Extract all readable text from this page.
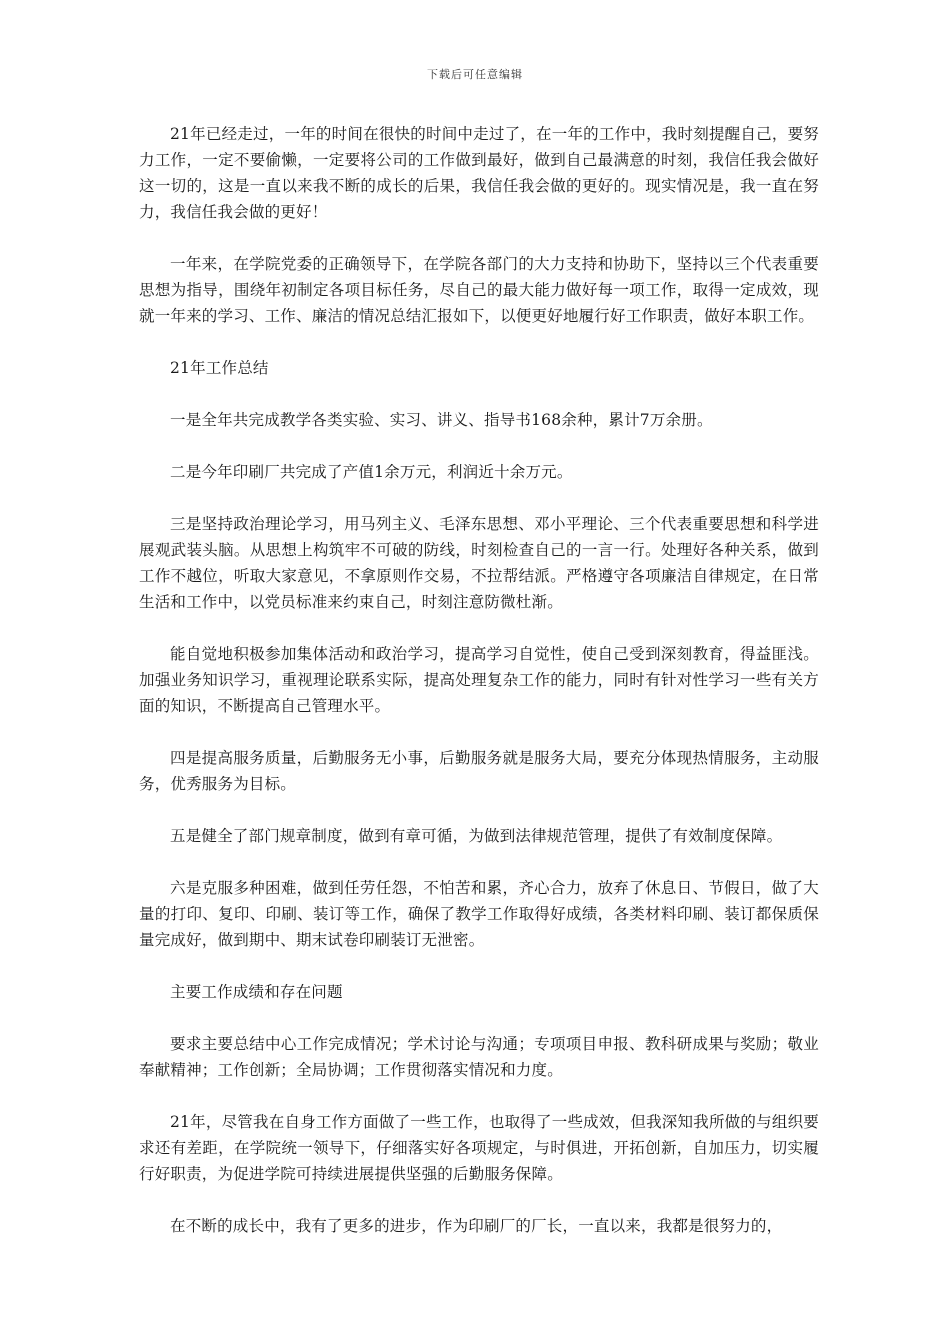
下载后可任意编辑

21年已经走过，一年的时间在很快的时间中走过了，在一年的工作中，我时刻提醒自己，要努力工作，一定不要偷懒，一定要将公司的工作做到最好，做到自己最满意的时刻，我信任我会做好这一切的，这是一直以来我不断的成长的后果，我信任我会做的更好的。现实情况是，我一直在努力，我信任我会做的更好！

一年来，在学院党委的正确领导下，在学院各部门的大力支持和协助下，坚持以三个代表重要思想为指导，围绕年初制定各项目标任务，尽自己的最大能力做好每一项工作，取得一定成效，现就一年来的学习、工作、廉洁的情况总结汇报如下，以便更好地履行好工作职责，做好本职工作。

21年工作总结

一是全年共完成教学各类实验、实习、讲义、指导书168余种，累计7万余册。

二是今年印刷厂共完成了产值1余万元，利润近十余万元。

三是坚持政治理论学习，用马列主义、毛泽东思想、邓小平理论、三个代表重要思想和科学进展观武装头脑。从思想上构筑牢不可破的防线，时刻检查自己的一言一行。处理好各种关系，做到工作不越位，听取大家意见，不拿原则作交易，不拉帮结派。严格遵守各项廉洁自律规定，在日常生活和工作中，以党员标准来约束自己，时刻注意防微杜渐。

能自觉地积极参加集体活动和政治学习，提高学习自觉性，使自己受到深刻教育，得益匪浅。加强业务知识学习，重视理论联系实际，提高处理复杂工作的能力，同时有针对性学习一些有关方面的知识，不断提高自己管理水平。

四是提高服务质量，后勤服务无小事，后勤服务就是服务大局，要充分体现热情服务，主动服务，优秀服务为目标。

五是健全了部门规章制度，做到有章可循，为做到法律规范管理，提供了有效制度保障。

六是克服多种困难，做到任劳任怨，不怕苦和累，齐心合力，放弃了休息日、节假日，做了大量的打印、复印、印刷、装订等工作，确保了教学工作取得好成绩，各类材料印刷、装订都保质保量完成好，做到期中、期末试卷印刷装订无泄密。

主要工作成绩和存在问题

要求主要总结中心工作完成情况；学术讨论与沟通；专项项目申报、教科研成果与奖励；敬业奉献精神；工作创新；全局协调；工作贯彻落实情况和力度。

21年，尽管我在自身工作方面做了一些工作，也取得了一些成效，但我深知我所做的与组织要求还有差距，在学院统一领导下，仔细落实好各项规定，与时俱进，开拓创新，自加压力，切实履行好职责，为促进学院可持续进展提供坚强的后勤服务保障。

在不断的成长中，我有了更多的进步，作为印刷厂的厂长，一直以来，我都是很努力的，
